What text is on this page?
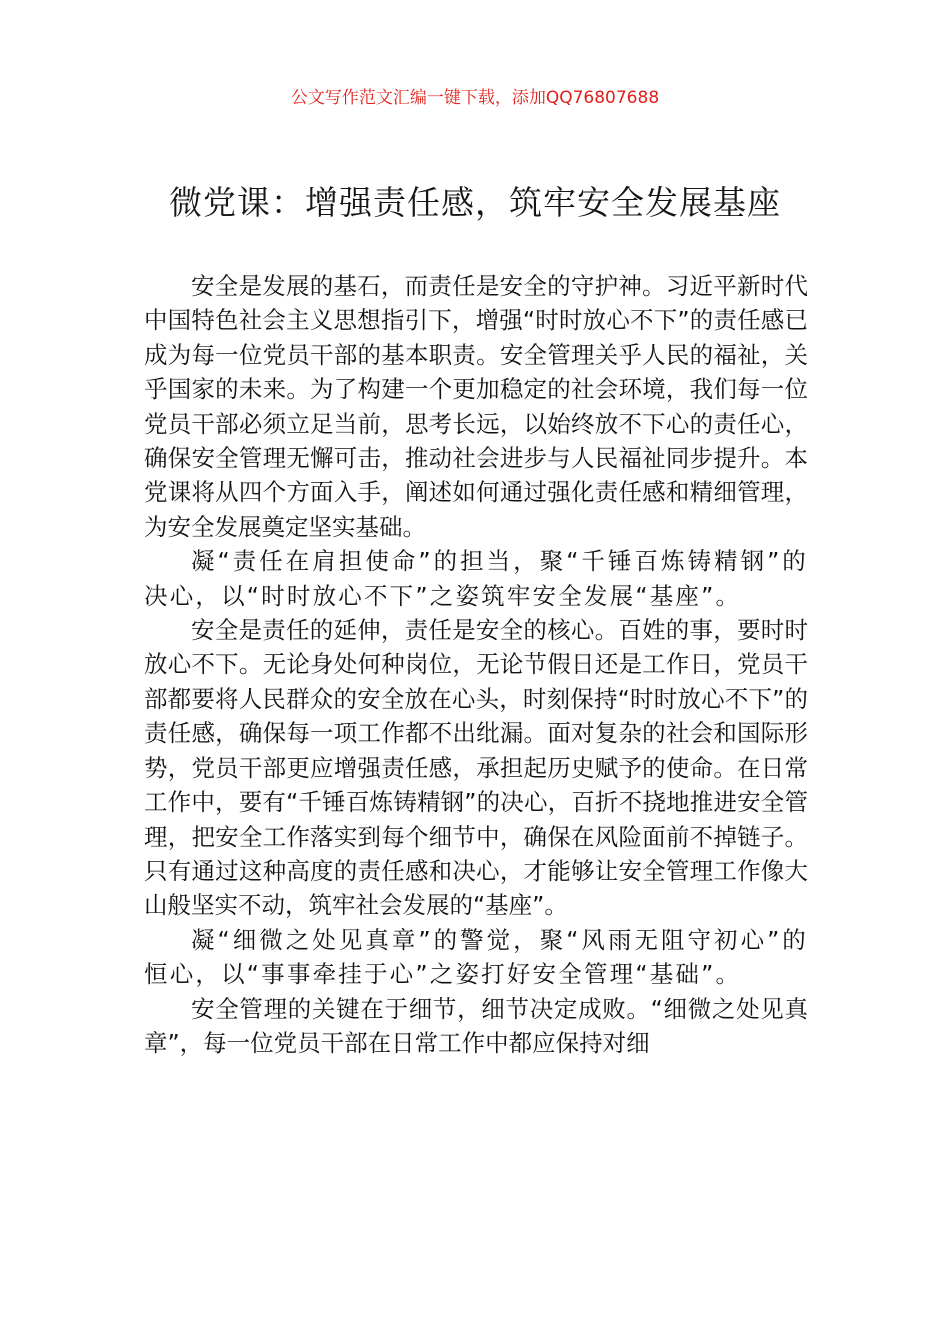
公文写作范文汇编一键下载，添加QQ76807688
微党课：增强责任感，筑牢安全发展基座

安全是发展的基石，而责任是安全的守护神。习近平新时代中国特色社会主义思想指引下，增强“时时放心不下”的责任感已成为每一位党员干部的基本职责。安全管理关乎人民的福祉，关乎国家的未来。为了构建一个更加稳定的社会环境，我们每一位党员干部必须立足当前，思考长远，以始终放不下心的责任心，确保安全管理无懈可击，推动社会进步与人民福祉同步提升。本党课将从四个方面入手，阐述如何通过强化责任感和精细管理，为安全发展奠定坚实基础。

凝“责任在肩担使命”的担当，聚“千锤百炼铸精钢”的决心，以“时时放心不下”之姿筑牢安全发展“基座”。

安全是责任的延伸，责任是安全的核心。百姓的事，要时时放心不下。无论身处何种岗位，无论节假日还是工作日，党员干部都要将人民群众的安全放在心头，时刻保持“时时放心不下”的责任感，确保每一项工作都不出纰漏。面对复杂的社会和国际形势，党员干部更应增强责任感，承担起历史赋予的使命。在日常工作中，要有“千锤百炼铸精钢”的决心，百折不挠地推进安全管理，把安全工作落实到每个细节中，确保在风险面前不掉链子。只有通过这种高度的责任感和决心，才能够让安全管理工作像大山般坚实不动，筑牢社会发展的“基座”。

凝“细微之处见真章”的警觉，聚“风雨无阻守初心”的恒心，以“事事牵挂于心”之姿打好安全管理“基础”。

安全管理的关键在于细节，细节决定成败。“细微之处见真章”，每一位党员干部在日常工作中都应保持对细
